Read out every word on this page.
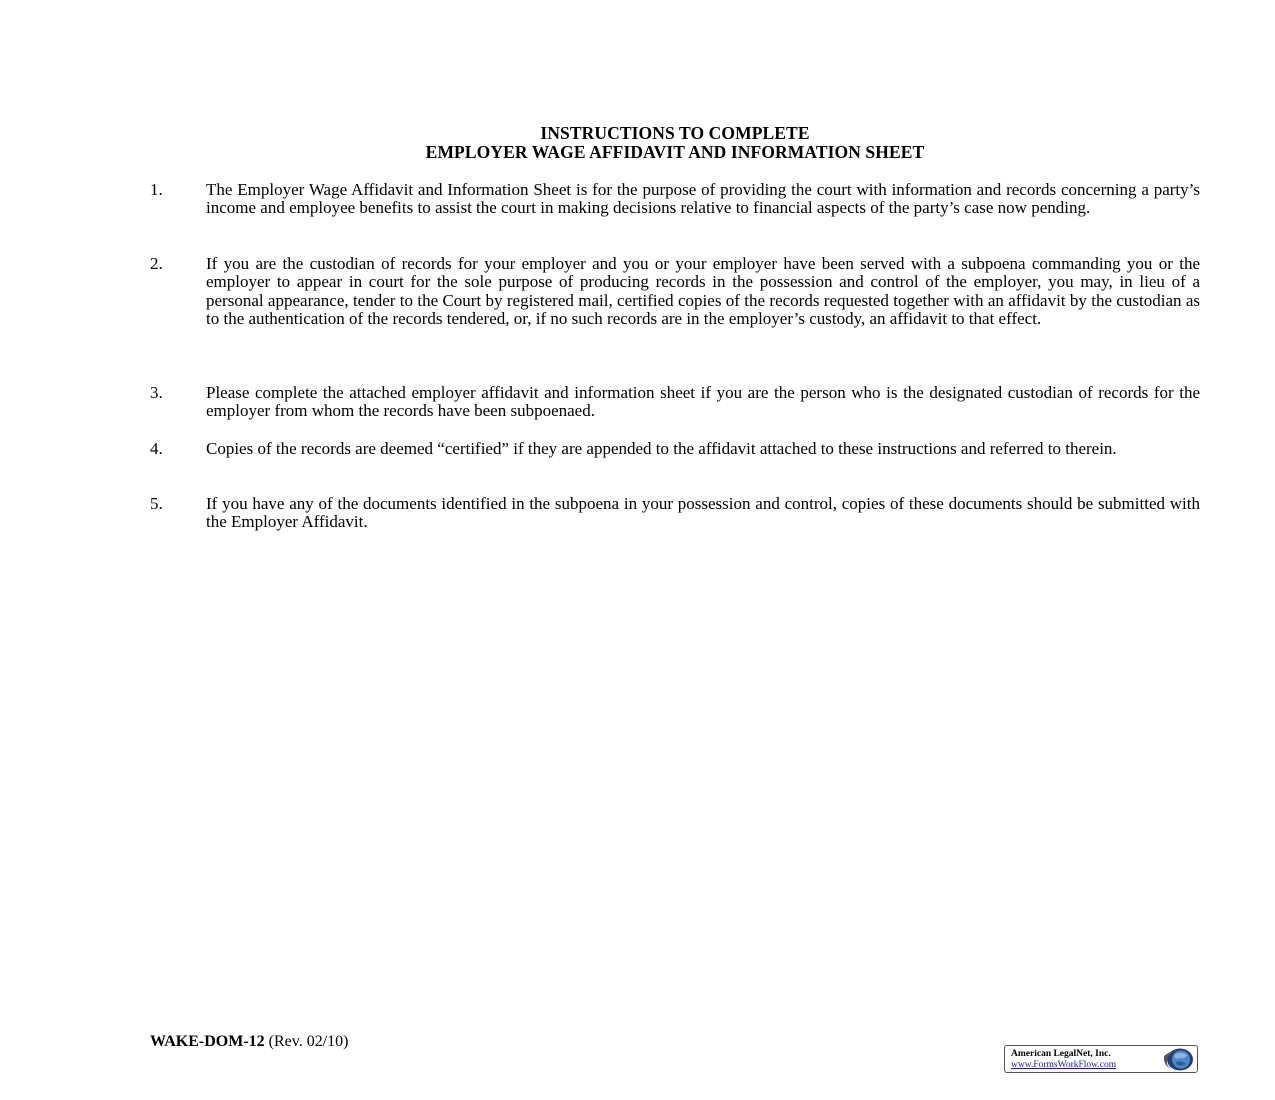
INSTRUCTIONS TO COMPLETE
EMPLOYER WAGE AFFIDAVIT AND INFORMATION SHEET
1.	The Employer Wage Affidavit and Information Sheet is for the purpose of providing the court with information and records concerning a party’s income and employee benefits to assist the court in making decisions relative to financial aspects of the party’s case now pending.
2.	If you are the custodian of records for your employer and you or your employer have been served with a subpoena commanding you or the employer to appear in court for the sole purpose of producing records in the possession and control of the employer, you may, in lieu of a personal appearance, tender to the Court by registered mail, certified copies of the records requested together with an affidavit by the custodian as to the authentication of the records tendered, or, if no such records are in the employer’s custody, an affidavit to that effect.
3.	Please complete the attached employer affidavit and information sheet if you are the person who is the designated custodian of records for the employer from whom the records have been subpoenaed.
4.	Copies of the records are deemed “certified” if they are appended to the affidavit attached to these instructions and referred to therein.
5.	If you have any of the documents identified in the subpoena in your possession and control, copies of these documents should be submitted with the Employer Affidavit.
WAKE-DOM-12 (Rev. 02/10)
American LegalNet, Inc.
www.FormsWorkFlow.com
